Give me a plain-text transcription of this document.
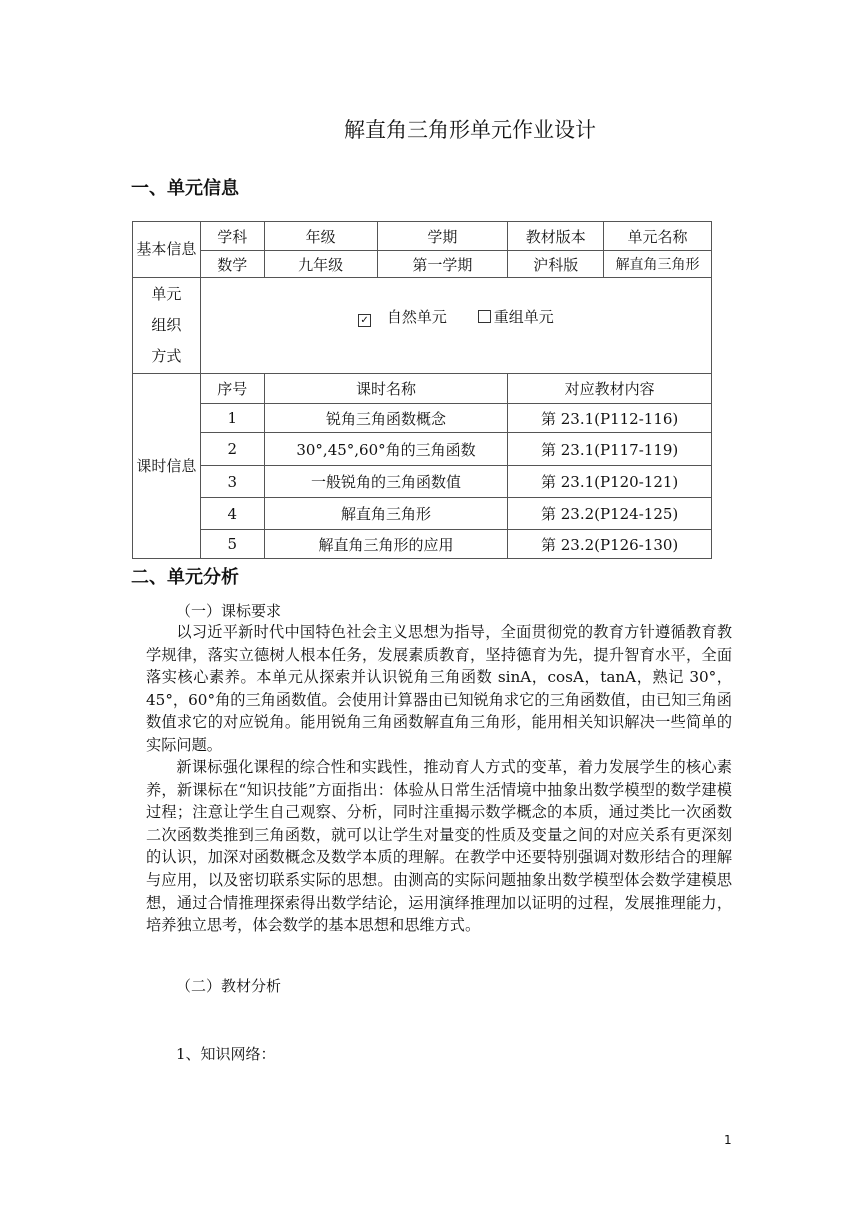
解直角三角形单元作业设计
一、单元信息
基本信息	学科	年级	学期	教材版本	单元名称
	数学	九年级	第一学期	沪科版	解直角三角形

单元
组织
方式	✓ 自然单元 重组单元				
课时信息	序号	课时名称		对应教材内容	
	1	锐角三角函数概念		第 23.1(P112-116)	
	2	30°,45°,60°角的三角函数		第 23.1(P117-119)	
	3	一般锐角的三角函数值		第 23.1(P120-121)	
	4	解直角三角形		第 23.2(P124-125)	
	5	解直角三角形的应用		第 23.2(P126-130)	
二、单元分析
（一）课标要求
以习近平新时代中国特色社会主义思想为指导，全面贯彻党的教育方针遵循教育教学规律，落实立德树人根本任务，发展素质教育，坚持德育为先，提升智育水平，全面落实核心素养。本单元从探索并认识锐角三角函数 sinA，cosA，tanA，熟记 30°，45°，60°角的三角函数值。会使用计算器由已知锐角求它的三角函数值，由已知三角函数值求它的对应锐角。能用锐角三角函数解直角三角形，能用相关知识解决一些简单的实际问题。
新课标强化课程的综合性和实践性，推动育人方式的变革，着力发展学生的核心素养，新课标在“知识技能”方面指出：体验从日常生活情境中抽象出数学模型的数学建模过程；注意让学生自己观察、分析，同时注重揭示数学概念的本质，通过类比一次函数二次函数类推到三角函数，就可以让学生对量变的性质及变量之间的对应关系有更深刻的认识，加深对函数概念及数学本质的理解。在教学中还要特别强调对数形结合的理解与应用，以及密切联系实际的思想。由测高的实际问题抽象出数学模型体会数学建模思想，通过合情推理探索得出数学结论，运用演绎推理加以证明的过程，发展推理能力，培养独立思考，体会数学的基本思想和思维方式。
（二）教材分析
1、知识网络：
1
